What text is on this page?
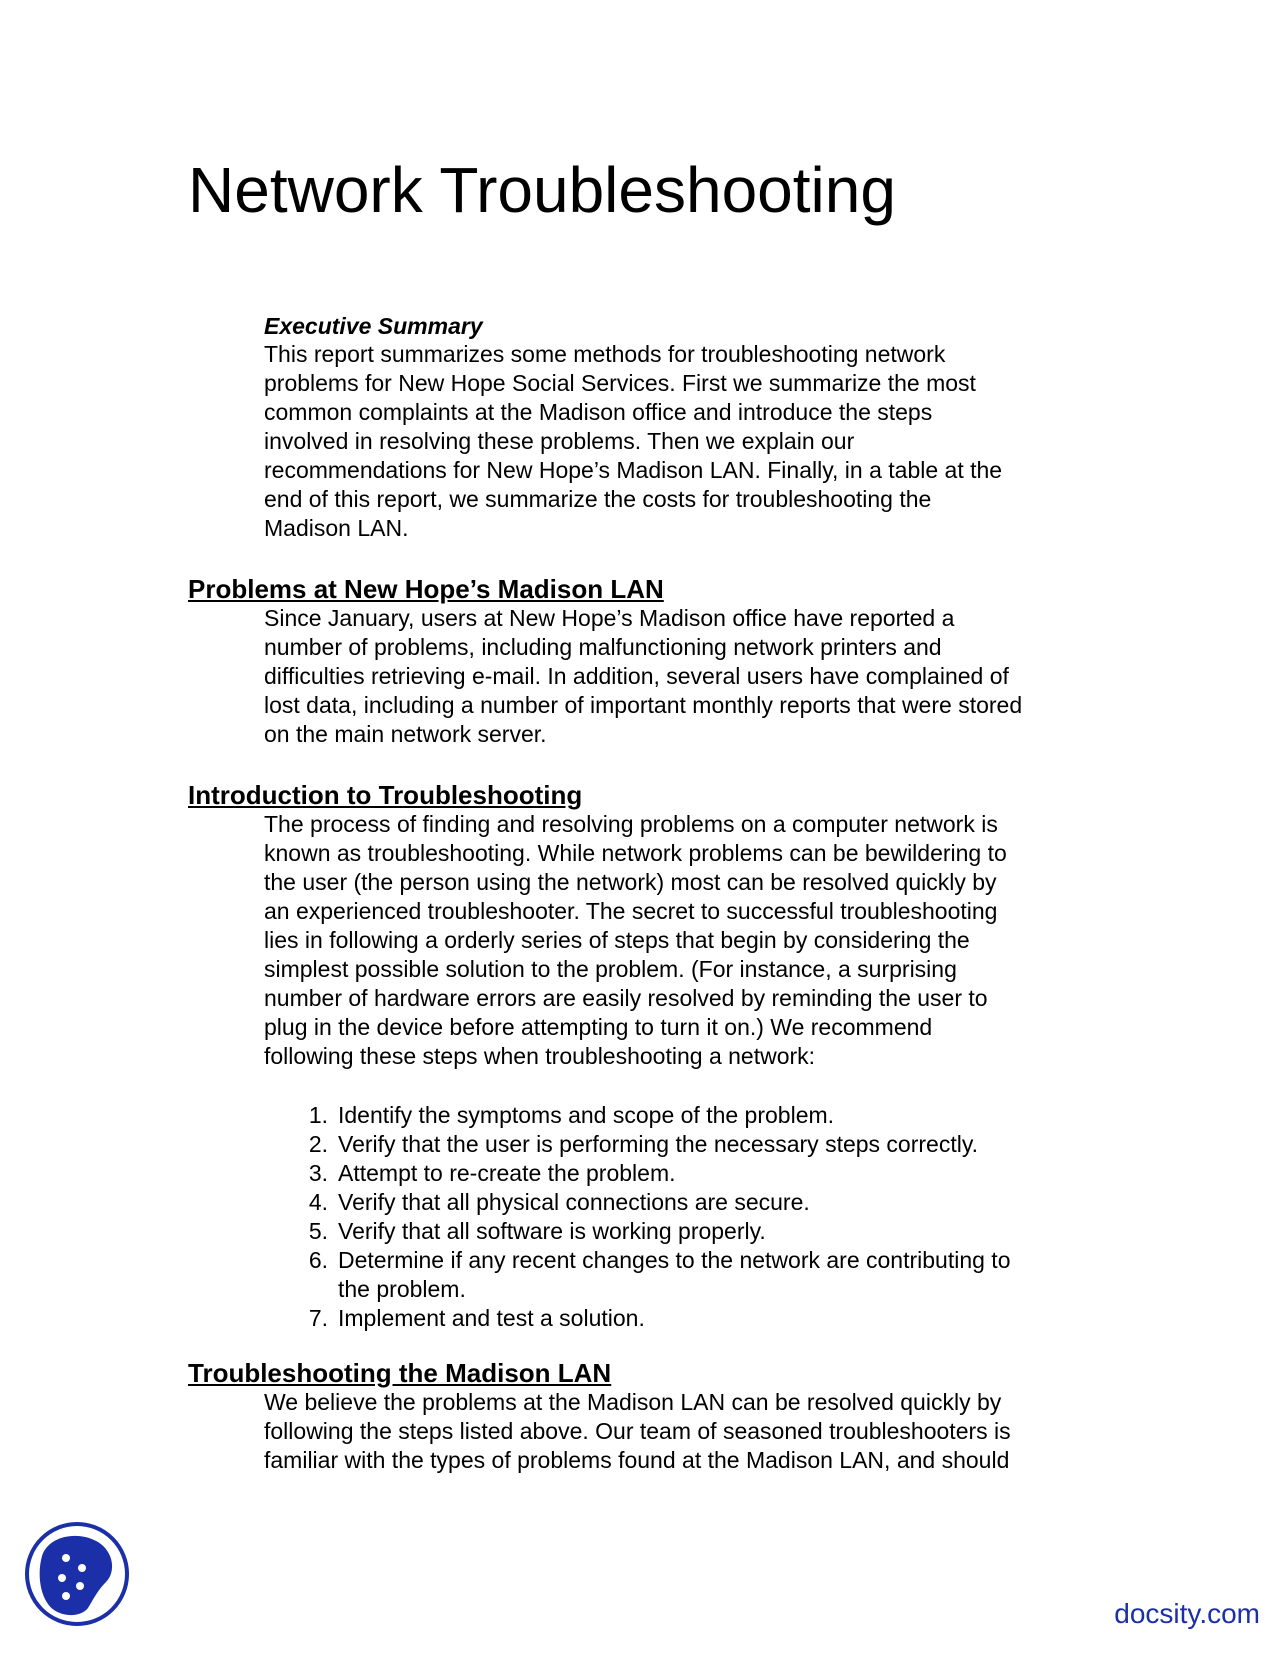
Network Troubleshooting
Executive Summary

This report summarizes some methods for troubleshooting network
problems for New Hope Social Services. First we summarize the most
common complaints at the Madison office and introduce the steps
involved in resolving these problems. Then we explain our
recommendations for New Hope’s Madison LAN. Finally, in a table at the
end of this report, we summarize the costs for troubleshooting the
Madison LAN.

Problems at New Hope’s Madison LAN

Since January, users at New Hope’s Madison office have reported a
number of problems, including malfunctioning network printers and
difficulties retrieving e-mail. In addition, several users have complained of
lost data, including a number of important monthly reports that were stored
on the main network server.

Introduction to Troubleshooting

The process of finding and resolving problems on a computer network is
known as troubleshooting. While network problems can be bewildering to
the user (the person using the network) most can be resolved quickly by
an experienced troubleshooter. The secret to successful troubleshooting
lies in following a orderly series of steps that begin by considering the
simplest possible solution to the problem. (For instance, a surprising
number of hardware errors are easily resolved by reminding the user to
plug in the device before attempting to turn it on.) We recommend
following these steps when troubleshooting a network:

1. Identify the symptoms and scope of the problem.
2. Verify that the user is performing the necessary steps correctly.
3. Attempt to re-create the problem.
4. Verify that all physical connections are secure.
5. Verify that all software is working properly.
6. Determine if any recent changes to the network are contributing to
the problem.
7. Implement and test a solution.
Troubleshooting the Madison LAN

We believe the problems at the Madison LAN can be resolved quickly by
following the steps listed above. Our team of seasoned troubleshooters is
familiar with the types of problems found at the Madison LAN, and should

docsity.com
